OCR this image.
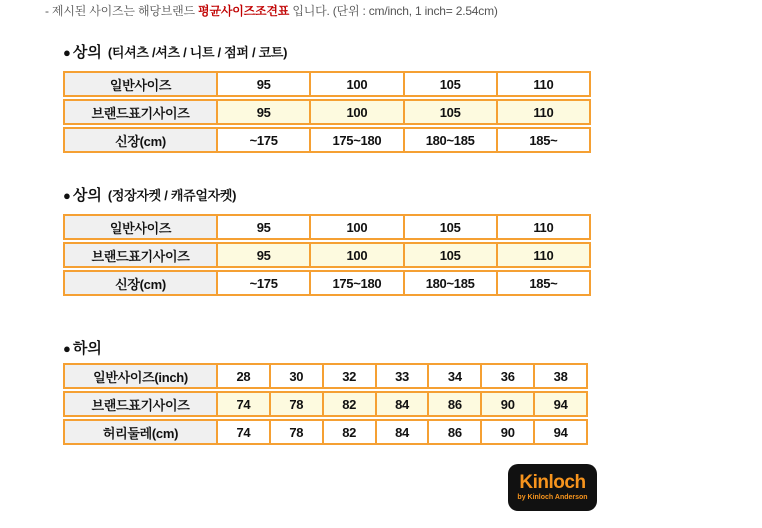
- 제시된 사이즈는 해당브랜드 평균사이즈조견표 입니다. (단위 : cm/inch, 1 inch= 2.54cm)

● 상의 (티셔츠 /셔츠 / 니트 / 점퍼 / 코트)
일반사이즈	95	100	105	110
브랜드표기사이즈	95	100	105	110
신장(cm)	~175	175~180	180~185	185~
● 상의 (정장자켓 / 캐쥬얼자켓)
일반사이즈	95	100	105	110
브랜드표기사이즈	95	100	105	110
신장(cm)	~175	175~180	180~185	185~
● 하의
일반사이즈(inch)	28	30	32	33	34	36	38
브랜드표기사이즈	74	78	82	84	86	90	94
허리둘레(cm)	74	78	82	84	86	90	94
Kinloch
by Kinloch Anderson
